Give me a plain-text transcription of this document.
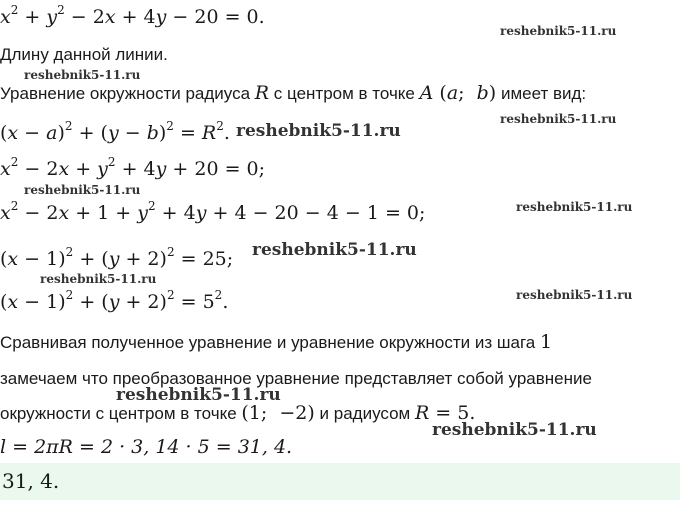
$x^2 + y^2 - 2x + 4y - 20 = 0$.
reshebnik5-11.ru
Длину данной линии.
reshebnik5-11.ru
Уравнение окружности радиуса R с центром в точке A (a;  b) имеет вид:
reshebnik5-11.ru
$(x - a)^2 + (y - b)^2 = R^2$. reshebnik5-11.ru
$x^2 - 2x + y^2 + 4y + 20 = 0$;
reshebnik5-11.ru
$x^2 - 2x + 1 + y^2 + 4y + 4 - 20 - 4 - 1 = 0$;	reshebnik5-11.ru
$(x - 1)^2 + (y + 2)^2 = 25$; reshebnik5-11.ru
reshebnik5-11.ru
$(x - 1)^2 + (y + 2)^2 = 5^2$.	reshebnik5-11.ru
Сравнивая полученное уравнение и уравнение окружности из шага 1
замечаем что преобразованное уравнение представляет собой уравнение
reshebnik5-11.ru
окружности с центром в точке (1;  −2) и радиусом R = 5.
reshebnik5-11.ru
l = 2πR = 2 · 3, 14 · 5 = 31, 4.
31, 4.
